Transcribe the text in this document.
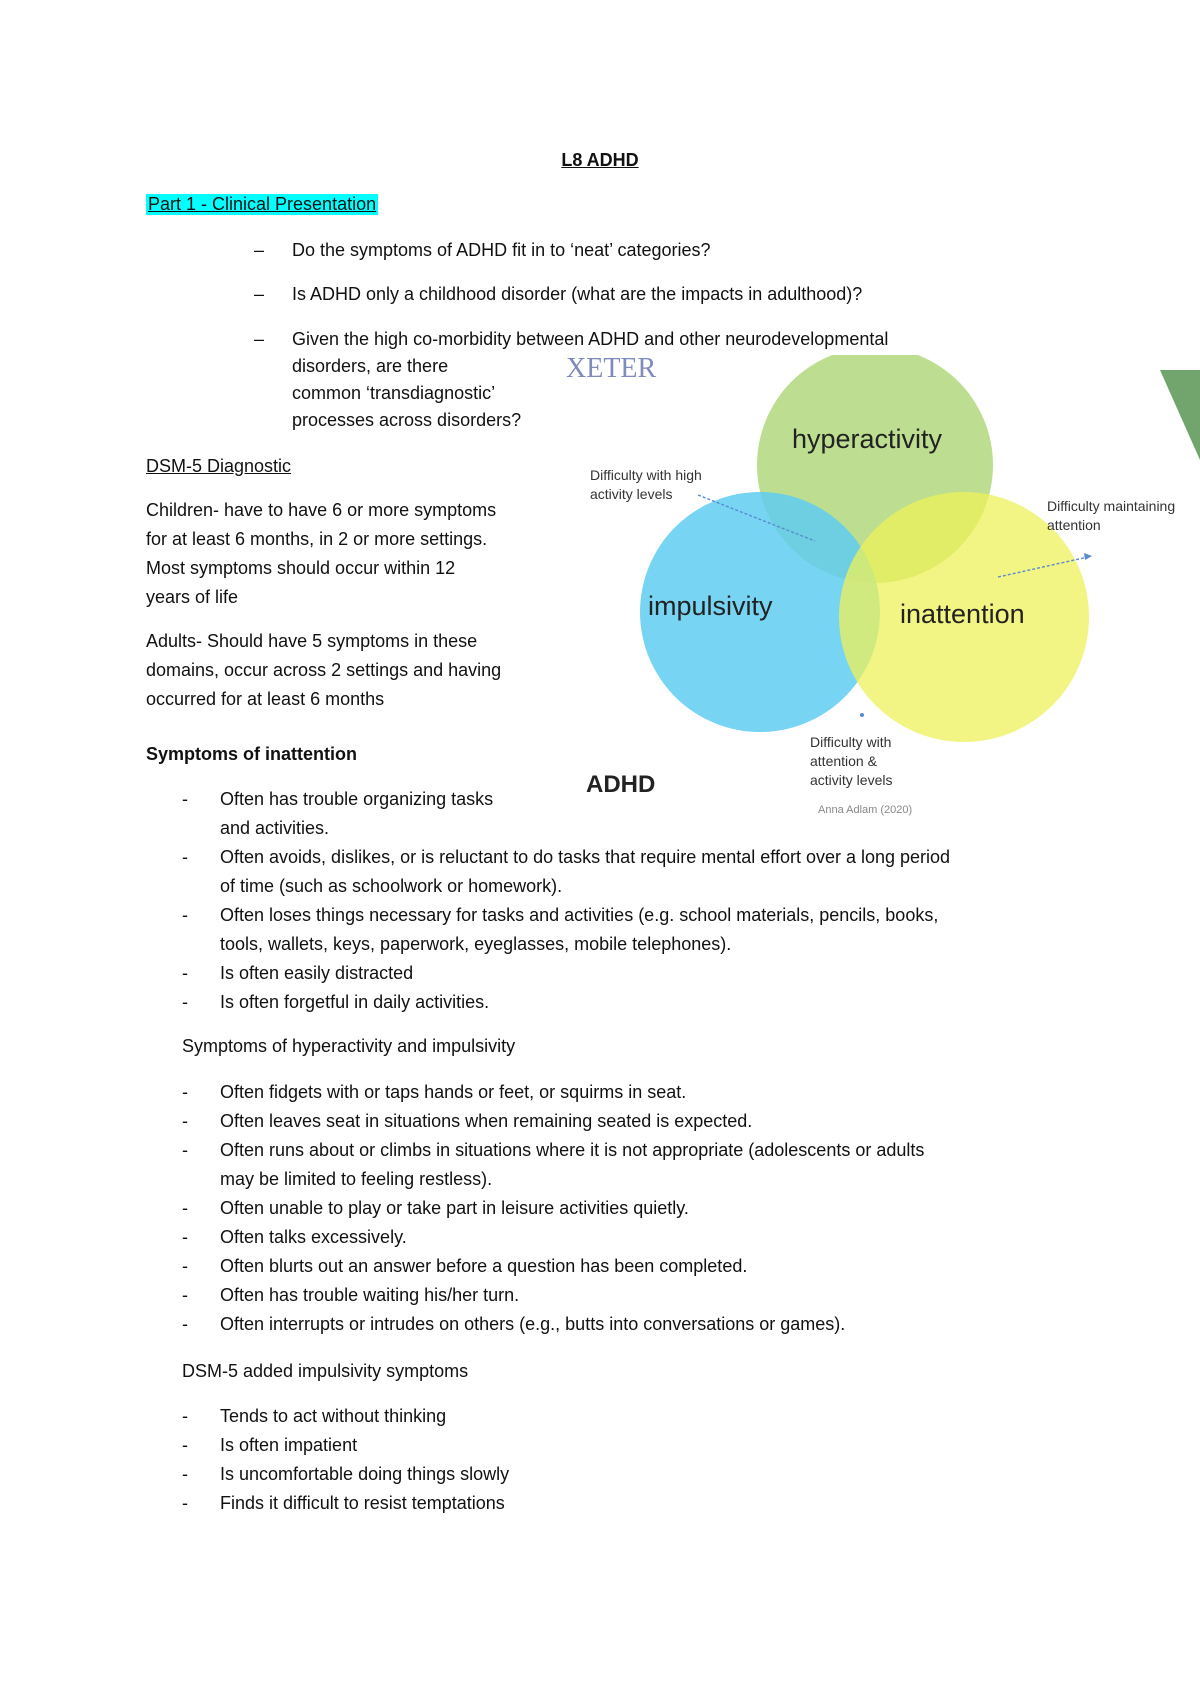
L8 ADHD
Part 1 - Clinical Presentation
– Do the symptoms of ADHD fit in to ‘neat’ categories?
– Is ADHD only a childhood disorder (what are the impacts in adulthood)?
– Given the high co-morbidity between ADHD and other neurodevelopmental
disorders, are there
common ‘transdiagnostic’
processes across disorders?
DSM-5 Diagnostic
Children- have to have 6 or more symptoms
for at least 6 months, in 2 or more settings.
Most symptoms should occur within 12
years of life
Adults- Should have 5 symptoms in these
domains, occur across 2 settings and having
occurred for at least 6 months
Symptoms of inattention
- Often has trouble organizing tasks
and activities.
- Often avoids, dislikes, or is reluctant to do tasks that require mental effort over a long period
of time (such as schoolwork or homework).
- Often loses things necessary for tasks and activities (e.g. school materials, pencils, books,
tools, wallets, keys, paperwork, eyeglasses, mobile telephones).
- Is often easily distracted
- Is often forgetful in daily activities.
Symptoms of hyperactivity and impulsivity
- Often fidgets with or taps hands or feet, or squirms in seat.
- Often leaves seat in situations when remaining seated is expected.
- Often runs about or climbs in situations where it is not appropriate (adolescents or adults
may be limited to feeling restless).
- Often unable to play or take part in leisure activities quietly.
- Often talks excessively.
- Often blurts out an answer before a question has been completed.
- Often has trouble waiting his/her turn.
- Often interrupts or intrudes on others (e.g., butts into conversations or games).
DSM-5 added impulsivity symptoms
- Tends to act without thinking
- Is often impatient
- Is uncomfortable doing things slowly
- Finds it difficult to resist temptations
XETER
hyperactivity
impulsivity	inattention
Difficulty with high activity levels
Difficulty maintaining attention
Difficulty with attention & activity levels
ADHD
Anna Adlam (2020)
